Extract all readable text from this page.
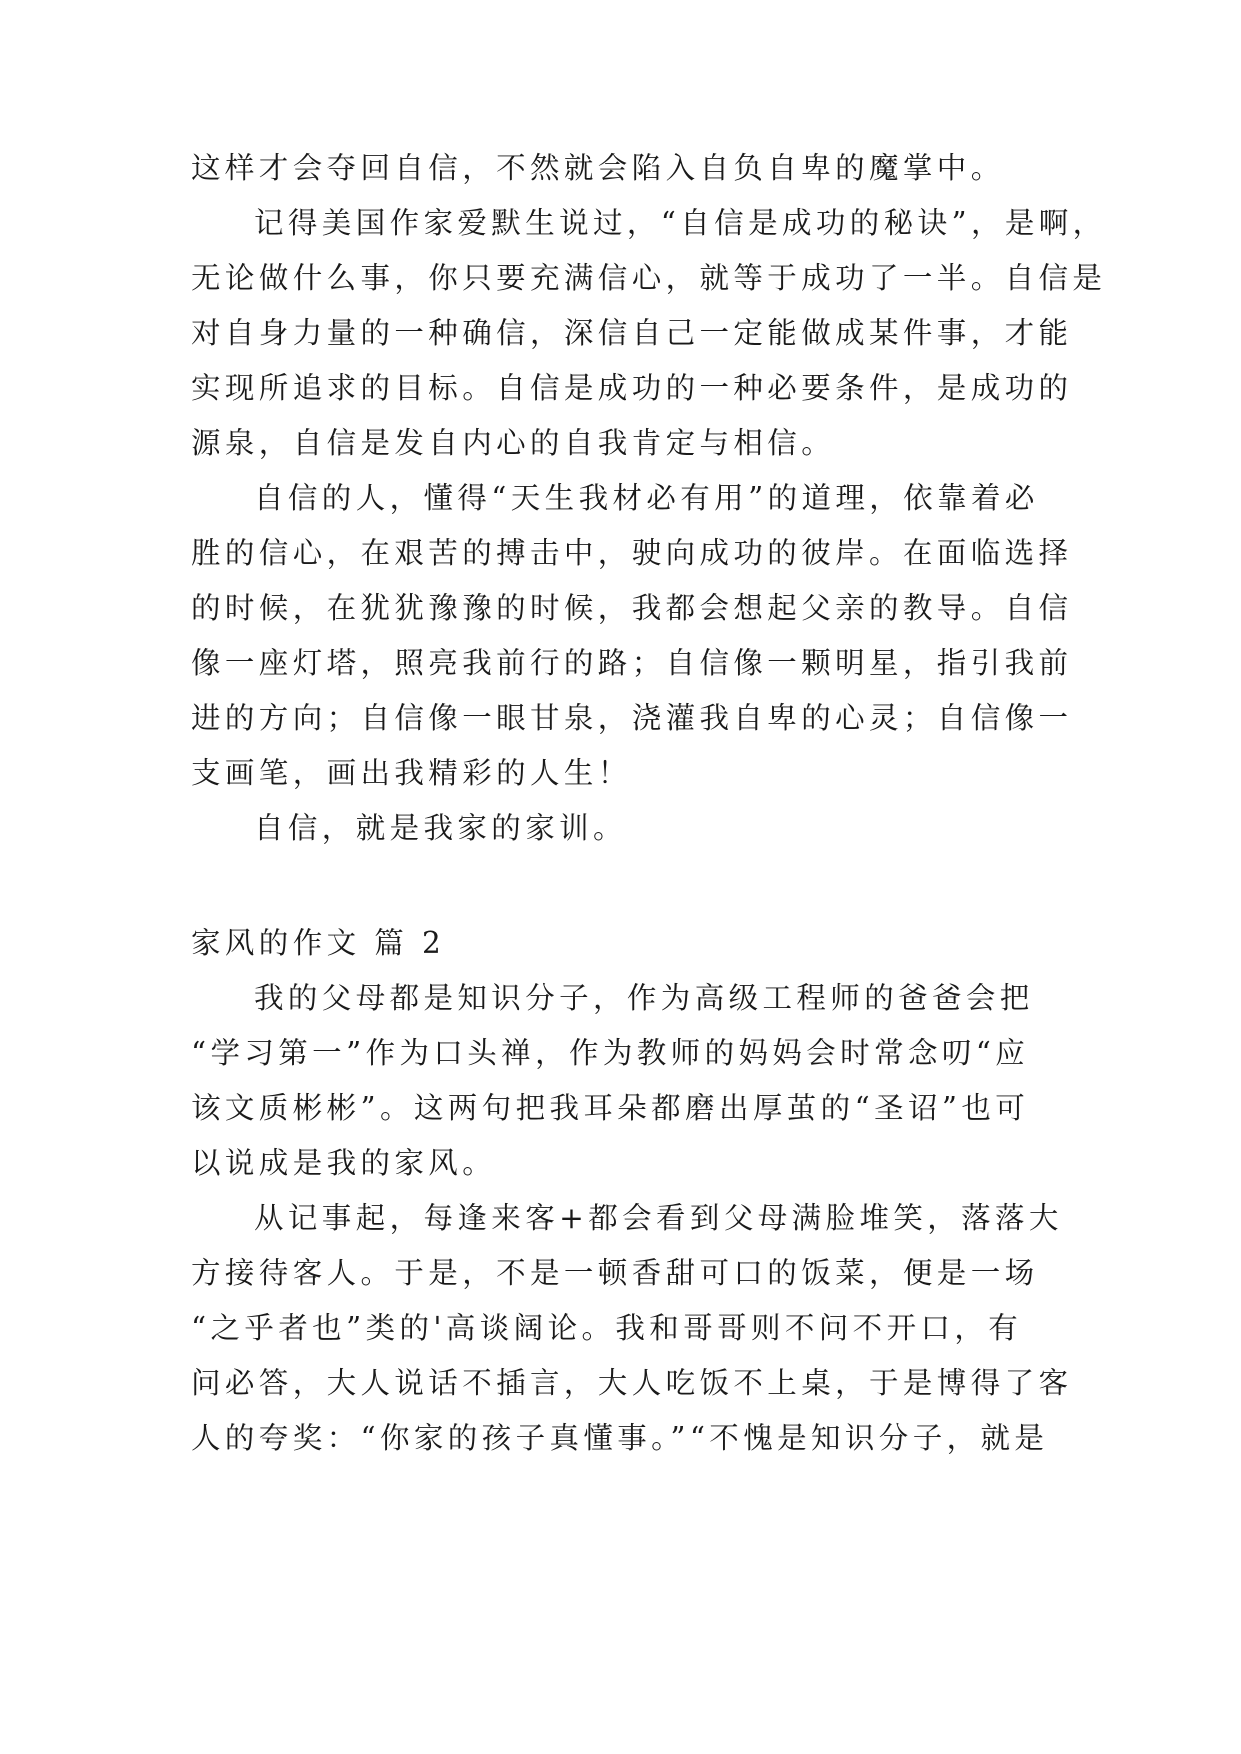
这样才会夺回自信，不然就会陷入自负自卑的魔掌中。
记得美国作家爱默生说过，“自信是成功的秘诀”，是啊，
无论做什么事，你只要充满信心，就等于成功了一半。自信是
对自身力量的一种确信，深信自己一定能做成某件事，才能
实现所追求的目标。自信是成功的一种必要条件，是成功的
源泉，自信是发自内心的自我肯定与相信。
自信的人，懂得“天生我材必有用”的道理，依靠着必
胜的信心，在艰苦的搏击中，驶向成功的彼岸。在面临选择
的时候，在犹犹豫豫的时候，我都会想起父亲的教导。自信
像一座灯塔，照亮我前行的路；自信像一颗明星，指引我前
进的方向；自信像一眼甘泉，浇灌我自卑的心灵；自信像一
支画笔，画出我精彩的人生！
自信，就是我家的家训。
家风的作文 篇 2
我的父母都是知识分子，作为高级工程师的爸爸会把
“学习第一”作为口头禅，作为教师的妈妈会时常念叨“应
该文质彬彬”。这两句把我耳朵都磨出厚茧的“圣诏”也可
以说成是我的家风。
从记事起，每逢来客+都会看到父母满脸堆笑，落落大
方接待客人。于是，不是一顿香甜可口的饭菜，便是一场
“之乎者也”类的'高谈阔论。我和哥哥则不问不开口，有
问必答，大人说话不插言，大人吃饭不上桌，于是博得了客
人的夸奖：“你家的孩子真懂事。”“不愧是知识分子，就是
